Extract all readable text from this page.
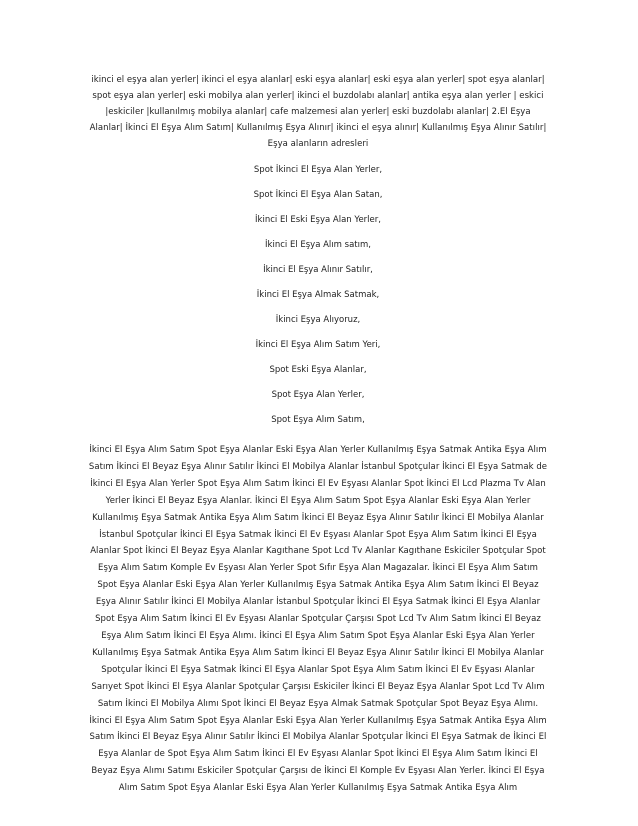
ikinci el eşya alan yerler| ikinci el eşya alanlar| eski eşya alanlar| eski eşya alan yerler| spot eşya alanlar| spot eşya alan yerler| eski mobilya alan yerler| ikinci el buzdolabı alanlar| antika eşya alan yerler | eskici |eskiciler |kullanılmış mobilya alanlar| cafe malzemesi alan yerler| eski buzdolabı alanlar| 2.El Eşya Alanlar| İkinci El Eşya Alım Satım| Kullanılmış Eşya Alınır| ikinci el eşya alınır| Kullanılmış Eşya Alınır Satılır| Eşya alanların adresleri

Spot İkinci El Eşya Alan Yerler,
Spot İkinci El Eşya Alan Satan,
İkinci El Eski Eşya Alan Yerler,
İkinci El Eşya Alım satım,
İkinci El Eşya Alınır Satılır,
İkinci El Eşya Almak Satmak,
İkinci Eşya Alıyoruz,
İkinci El Eşya Alım Satım Yeri,
Spot Eski Eşya Alanlar,
Spot Eşya Alan Yerler,
Spot Eşya Alım Satım,

İkinci El Eşya Alım Satım Spot Eşya Alanlar Eski Eşya Alan Yerler Kullanılmış Eşya Satmak Antika Eşya Alım Satım İkinci El Beyaz Eşya Alınır Satılır İkinci El Mobilya Alanlar İstanbul Spotçular İkinci El Eşya Satmak de İkinci El Eşya Alan Yerler Spot Eşya Alım Satım İkinci El Ev Eşyası Alanlar Spot İkinci El Lcd Plazma Tv Alan Yerler İkinci El Beyaz Eşya Alanlar. İkinci El Eşya Alım Satım Spot Eşya Alanlar Eski Eşya Alan Yerler Kullanılmış Eşya Satmak Antika Eşya Alım Satım İkinci El Beyaz Eşya Alınır Satılır İkinci El Mobilya Alanlar İstanbul Spotçular İkinci El Eşya Satmak İkinci El Ev Eşyası Alanlar Spot Eşya Alım Satım İkinci El Eşya Alanlar Spot İkinci El Beyaz Eşya Alanlar Kagıthane Spot Lcd Tv Alanlar Kagıthane Eskiciler Spotçular Spot Eşya Alım Satım Komple Ev Eşyası Alan Yerler Spot Sıfır Eşya Alan Magazalar. İkinci El Eşya Alım Satım Spot Eşya Alanlar Eski Eşya Alan Yerler Kullanılmış Eşya Satmak Antika Eşya Alım Satım İkinci El Beyaz Eşya Alınır Satılır İkinci El Mobilya Alanlar İstanbul Spotçular İkinci El Eşya Satmak İkinci El Eşya Alanlar Spot Eşya Alım Satım İkinci El Ev Eşyası Alanlar Spotçular Çarşısı Spot Lcd Tv Alım Satım İkinci El Beyaz Eşya Alım Satım İkinci El Eşya Alımı. İkinci El Eşya Alım Satım Spot Eşya Alanlar Eski Eşya Alan Yerler Kullanılmış Eşya Satmak Antika Eşya Alım Satım İkinci El Beyaz Eşya Alınır Satılır İkinci El Mobilya Alanlar Spotçular İkinci El Eşya Satmak İkinci El Eşya Alanlar Spot Eşya Alım Satım İkinci El Ev Eşyası Alanlar Sarıyet Spot İkinci El Eşya Alanlar Spotçular Çarşısı Eskiciler İkinci El Beyaz Eşya Alanlar Spot Lcd Tv Alım Satım İkinci El Mobilya Alımı Spot İkinci El Beyaz Eşya Almak Satmak Spotçular Spot Beyaz Eşya Alımı. İkinci El Eşya Alım Satım Spot Eşya Alanlar Eski Eşya Alan Yerler Kullanılmış Eşya Satmak Antika Eşya Alım Satım İkinci El Beyaz Eşya Alınır Satılır İkinci El Mobilya Alanlar Spotçular İkinci El Eşya Satmak de İkinci El Eşya Alanlar de Spot Eşya Alım Satım İkinci El Ev Eşyası Alanlar Spot İkinci El Eşya Alım Satım İkinci El Beyaz Eşya Alımı Satımı Eskiciler Spotçular Çarşısı de İkinci El Komple Ev Eşyası Alan Yerler. İkinci El Eşya Alım Satım Spot Eşya Alanlar Eski Eşya Alan Yerler Kullanılmış Eşya Satmak Antika Eşya Alım
